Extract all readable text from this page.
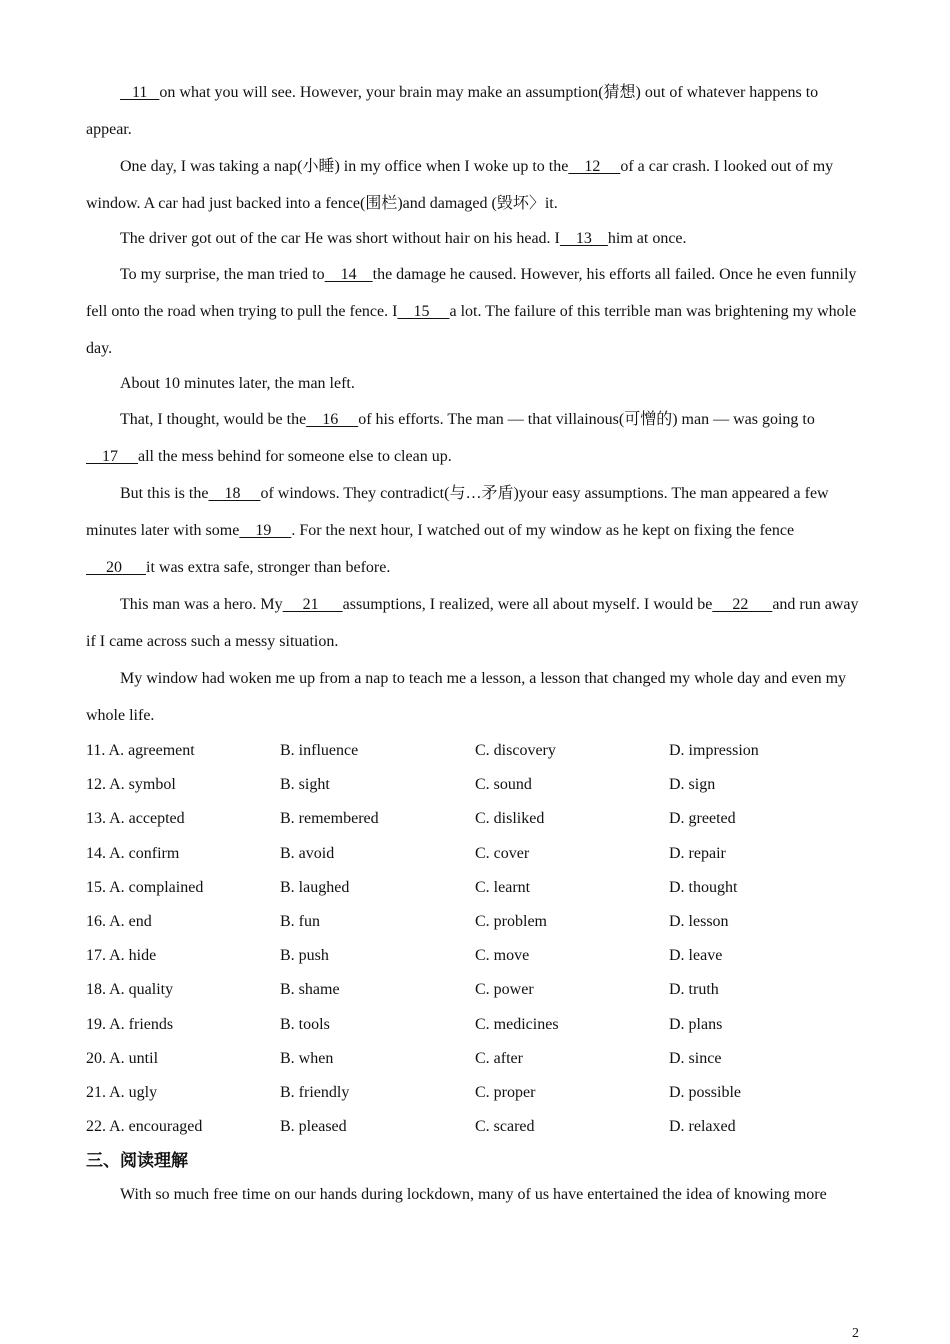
11   on what you will see. However, your brain may make an assumption(猜想) out of whatever happens to appear.

One day, I was taking a nap(小睡) in my office when I woke up to the    12     of a car crash. I looked out of my window. A car had just backed into a fence(围栏)and damaged (毁坏〉it.

The driver got out of the car He was short without hair on his head. I    13    him at once.

To my surprise, the man tried to    14    the damage he caused. However, his efforts all failed. Once he even funnily fell onto the road when trying to pull the fence. I    15     a lot. The failure of this terrible man was brightening my whole day.

About 10 minutes later, the man left.

That, I thought, would be the    16     of his efforts. The man — that villainous(可憎的) man — was going to    17     all the mess behind for someone else to clean up.

But this is the    18     of windows. They contradict(与…矛盾)your easy assumptions. The man appeared a few minutes later with some    19     . For the next hour, I watched out of my window as he kept on fixing the fence     20      it was extra safe, stronger than before.

This man was a hero. My     21      assumptions, I realized, were all about myself. I would be     22      and run away if I came across such a messy situation.

My window had woken me up from a nap to teach me a lesson, a lesson that changed my whole day and even my whole life.

11. A. agreement	B. influence	C. discovery	D. impression
12. A. symbol	B. sight	C. sound	D. sign
13. A. accepted	B. remembered	C. disliked	D. greeted
14. A. confirm	B. avoid	C. cover	D. repair
15. A. complained	B. laughed	C. learnt	D. thought
16. A. end	B. fun	C. problem	D. lesson
17. A. hide	B. push	C. move	D. leave
18. A. quality	B. shame	C. power	D. truth
19. A. friends	B. tools	C. medicines	D. plans
20. A. until	B. when	C. after	D. since
21. A. ugly	B. friendly	C. proper	D. possible
22. A. encouraged	B. pleased	C. scared	D. relaxed

三、阅读理解

With so much free time on our hands during lockdown, many of us have entertained the idea of knowing more

2
